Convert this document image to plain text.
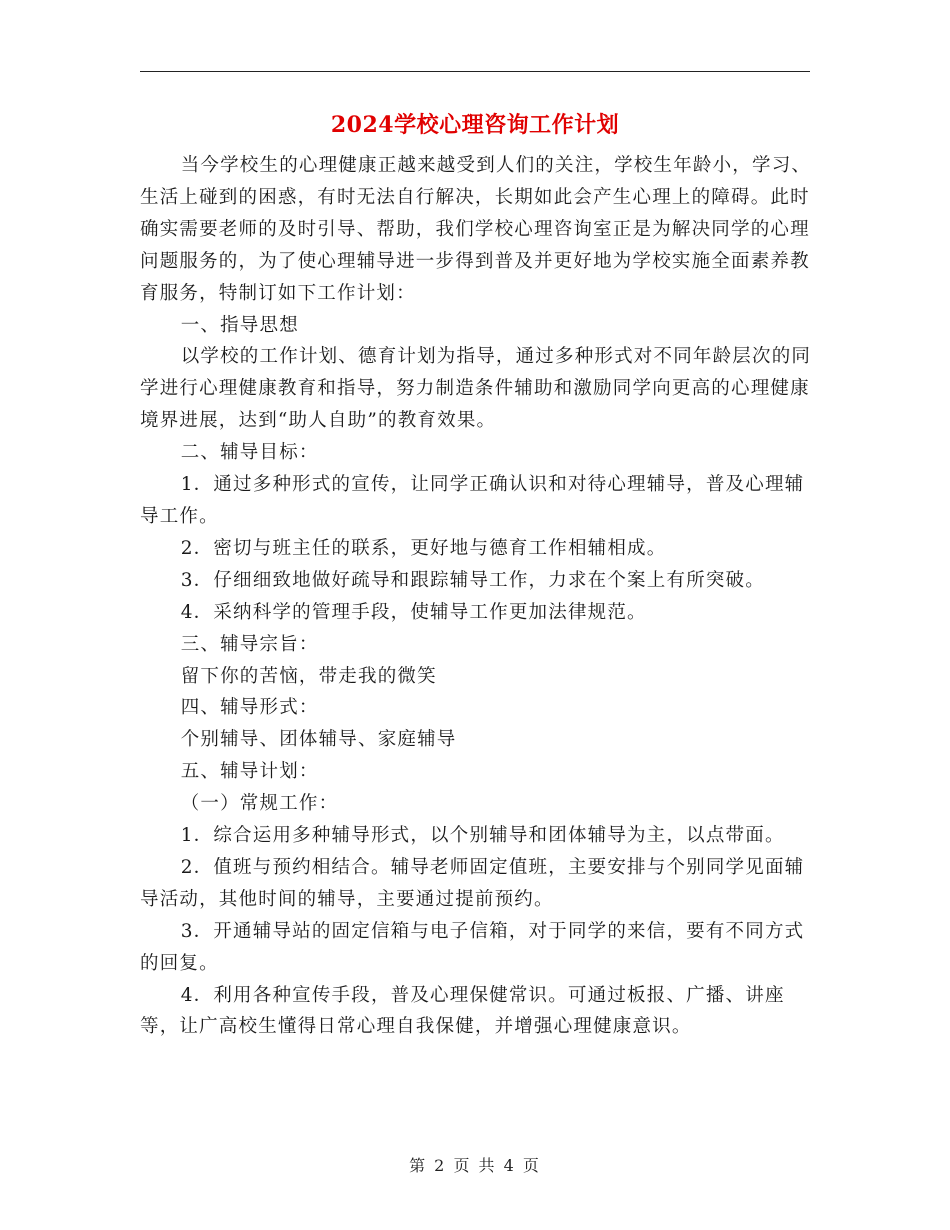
2024学校心理咨询工作计划

当今学校生的心理健康正越来越受到人们的关注，学校生年龄小，学习、生活上碰到的困惑，有时无法自行解决，长期如此会产生心理上的障碍。此时确实需要老师的及时引导、帮助，我们学校心理咨询室正是为解决同学的心理问题服务的，为了使心理辅导进一步得到普及并更好地为学校实施全面素养教育服务，特制订如下工作计划：

一、指导思想

以学校的工作计划、德育计划为指导，通过多种形式对不同年龄层次的同学进行心理健康教育和指导，努力制造条件辅助和激励同学向更高的心理健康境界进展，达到“助人自助”的教育效果。

二、辅导目标：

1．通过多种形式的宣传，让同学正确认识和对待心理辅导，普及心理辅导工作。

2．密切与班主任的联系，更好地与德育工作相辅相成。

3．仔细细致地做好疏导和跟踪辅导工作，力求在个案上有所突破。

4．采纳科学的管理手段，使辅导工作更加法律规范。

三、辅导宗旨：

留下你的苦恼，带走我的微笑

四、辅导形式：

个别辅导、团体辅导、家庭辅导

五、辅导计划：

（一）常规工作：

1．综合运用多种辅导形式，以个别辅导和团体辅导为主，以点带面。

2．值班与预约相结合。辅导老师固定值班，主要安排与个别同学见面辅导活动，其他时间的辅导，主要通过提前预约。

3．开通辅导站的固定信箱与电子信箱，对于同学的来信，要有不同方式的回复。

4．利用各种宣传手段，普及心理保健常识。可通过板报、广播、讲座等，让广高校生懂得日常心理自我保健，并增强心理健康意识。

第 2 页 共 4 页
